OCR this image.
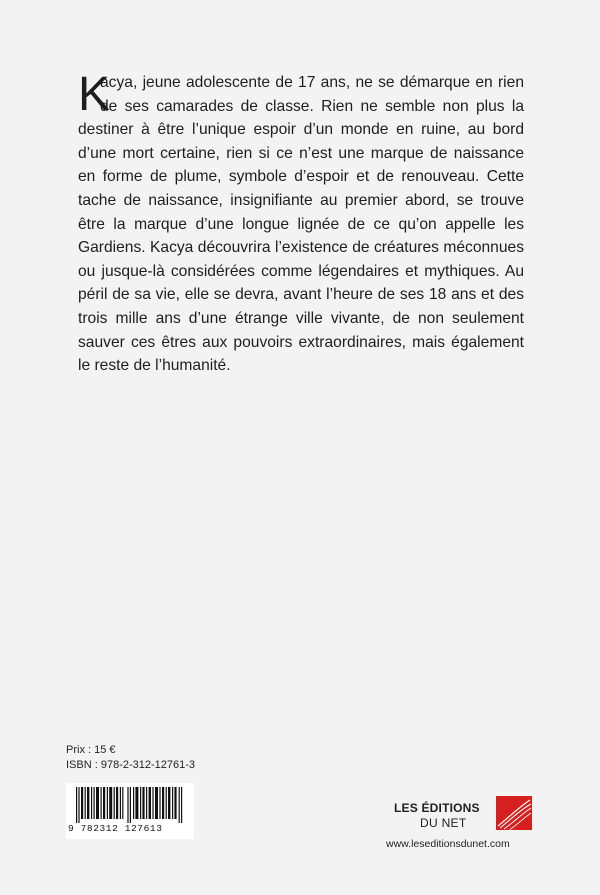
K
acya, jeune adolescente de 17 ans, ne se démarque en rien
de ses camarades de classe. Rien ne semble non plus la
destiner à être l’unique espoir d’un monde en ruine, au bord
d’une mort certaine, rien si ce n’est une marque de naissance
en forme de plume, symbole d’espoir et de renouveau. Cette
tache de naissance, insignifiante au premier abord, se trouve
être la marque d’une longue lignée de ce qu’on appelle les
Gardiens. Kacya découvrira l’existence de créatures méconnues
ou jusque-là considérées comme légendaires et mythiques. Au
péril de sa vie, elle se devra, avant l’heure de ses 18 ans et des
trois mille ans d’une étrange ville vivante, de non seulement
sauver ces êtres aux pouvoirs extraordinaires, mais également
le reste de l’humanité.
Prix : 15 €
ISBN : 978-2-312-12761-3
9 782312 127613
LES ÉDITIONS
DU NET
www.leseditionsdunet.com
